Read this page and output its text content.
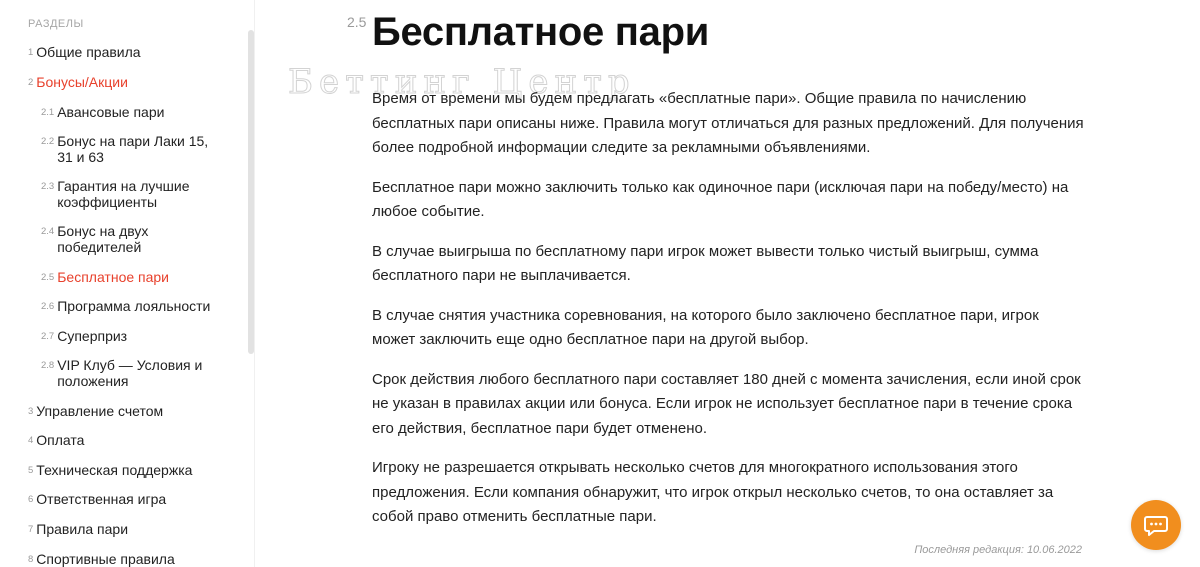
РАЗДЕЛЫ
1 Общие правила
2 Бонусы/Акции
2.1 Авансовые пари
2.2 Бонус на пари Лаки 15, 31 и 63
2.3 Гарантия на лучшие коэффициенты
2.4 Бонус на двух победителей
2.5 Бесплатное пари
2.6 Программа лояльности
2.7 Суперприз
2.8 VIP Клуб — Условия и положения
3 Управление счетом
4 Оплата
5 Техническая поддержка
6 Ответственная игра
7 Правила пари
8 Спортивные правила
Беттинг Центр
2.5 Бесплатное пари

Время от времени мы будем предлагать «бесплатные пари». Общие правила по начислению бесплатных пари описаны ниже. Правила могут отличаться для разных предложений. Для получения более подробной информации следите за рекламными объявлениями.

Бесплатное пари можно заключить только как одиночное пари (исключая пари на победу/место) на любое событие.

В случае выигрыша по бесплатному пари игрок может вывести только чистый выигрыш, сумма бесплатного пари не выплачивается.

В случае снятия участника соревнования, на которого было заключено бесплатное пари, игрок может заключить еще одно бесплатное пари на другой выбор.

Срок действия любого бесплатного пари составляет 180 дней с момента зачисления, если иной срок не указан в правилах акции или бонуса. Если игрок не использует бесплатное пари в течение срока его действия, бесплатное пари будет отменено.

Игроку не разрешается открывать несколько счетов для многократного использования этого предложения. Если компания обнаружит, что игрок открыл несколько счетов, то она оставляет за собой право отменить бесплатные пари.

Последняя редакция: 10.06.2022
